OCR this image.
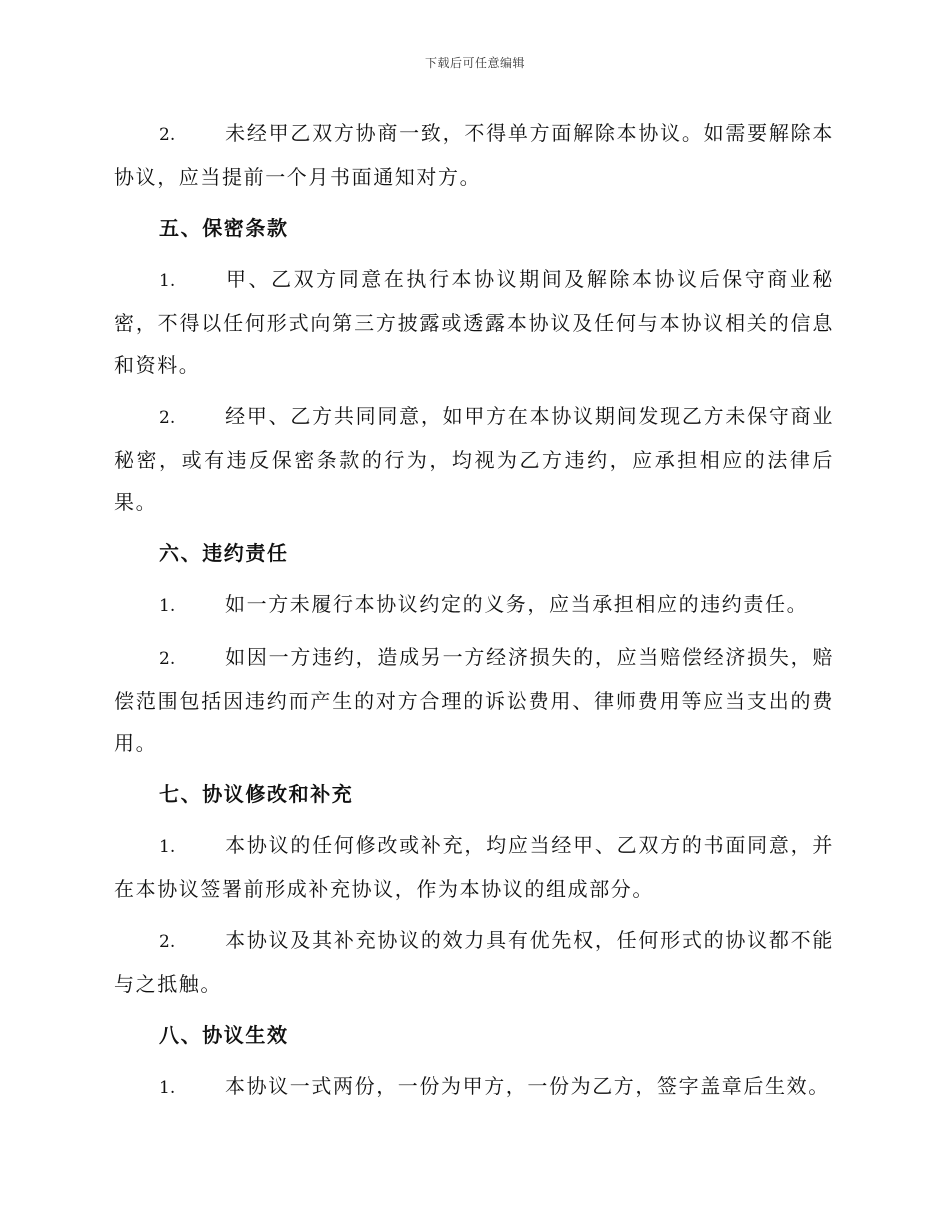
下载后可任意编辑

2. 未经甲乙双方协商一致，不得单方面解除本协议。如需要解除本协议，应当提前一个月书面通知对方。

五、保密条款

1. 甲、乙双方同意在执行本协议期间及解除本协议后保守商业秘密，不得以任何形式向第三方披露或透露本协议及任何与本协议相关的信息和资料。

2. 经甲、乙方共同同意，如甲方在本协议期间发现乙方未保守商业秘密，或有违反保密条款的行为，均视为乙方违约，应承担相应的法律后果。

六、违约责任

1. 如一方未履行本协议约定的义务，应当承担相应的违约责任。

2. 如因一方违约，造成另一方经济损失的，应当赔偿经济损失，赔偿范围包括因违约而产生的对方合理的诉讼费用、律师费用等应当支出的费用。

七、协议修改和补充

1. 本协议的任何修改或补充，均应当经甲、乙双方的书面同意，并在本协议签署前形成补充协议，作为本协议的组成部分。

2. 本协议及其补充协议的效力具有优先权，任何形式的协议都不能与之抵触。

八、协议生效

1. 本协议一式两份，一份为甲方，一份为乙方，签字盖章后生效。
